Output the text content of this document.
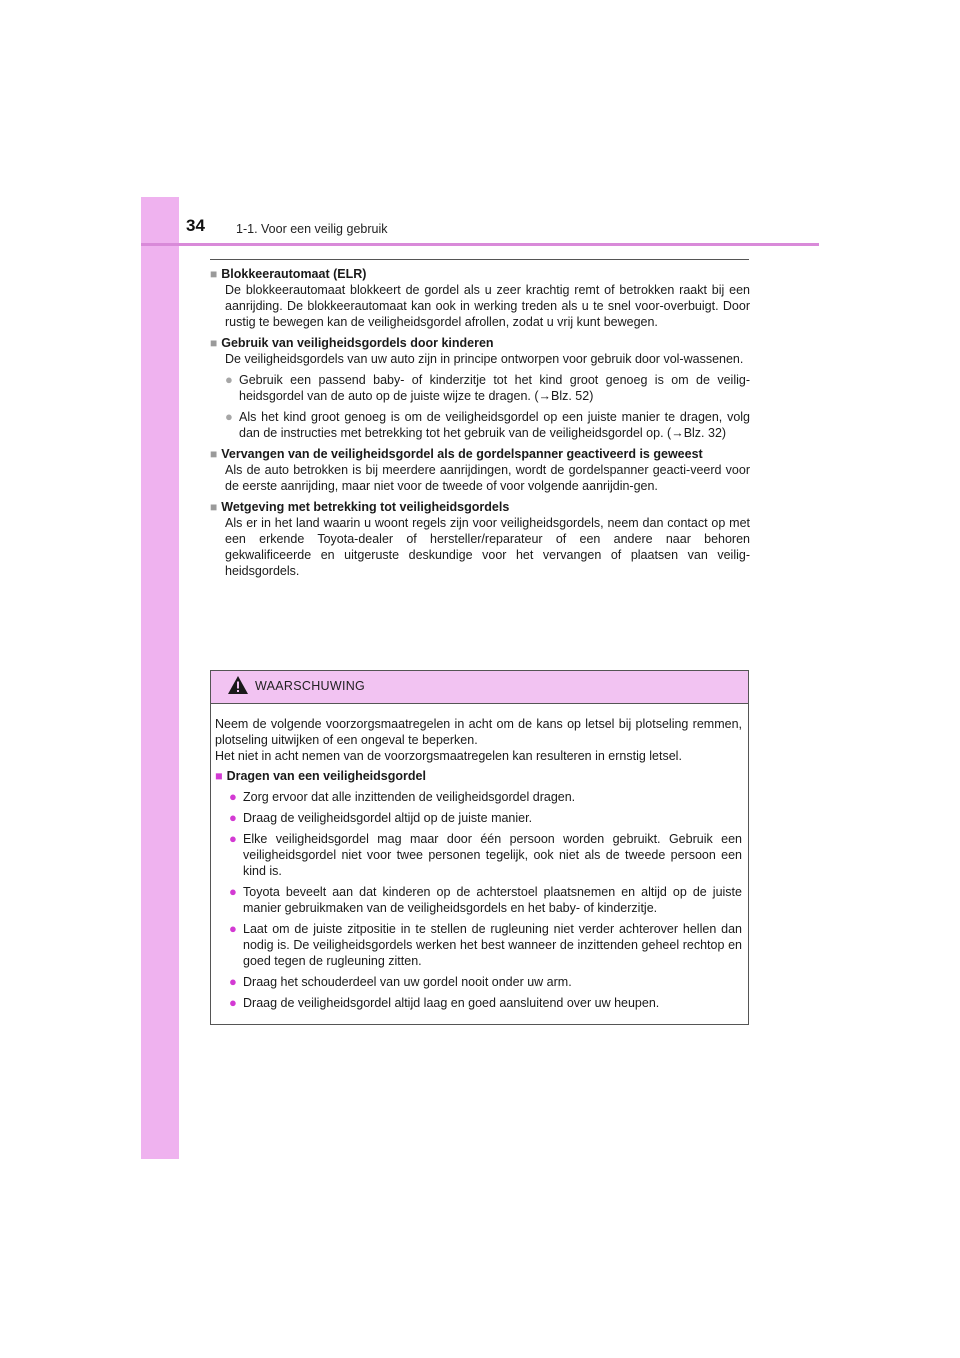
34 1-1. Voor een veilig gebruik
■ Blokkeerautomaat (ELR)
De blokkeerautomaat blokkeert de gordel als u zeer krachtig remt of betrokken raakt bij een aanrijding. De blokkeerautomaat kan ook in werking treden als u te snel voor-overbuigt. Door rustig te bewegen kan de veiligheidsgordel afrollen, zodat u vrij kunt bewegen.
■ Gebruik van veiligheidsgordels door kinderen
De veiligheidsgordels van uw auto zijn in principe ontworpen voor gebruik door vol-wassenen.
● Gebruik een passend baby- of kinderzitje tot het kind groot genoeg is om de veilig-heidsgordel van de auto op de juiste wijze te dragen. (→Blz. 52)
● Als het kind groot genoeg is om de veiligheidsgordel op een juiste manier te dragen, volg dan de instructies met betrekking tot het gebruik van de veiligheidsgordel op. (→Blz. 32)
■ Vervangen van de veiligheidsgordel als de gordelspanner geactiveerd is geweest
Als de auto betrokken is bij meerdere aanrijdingen, wordt de gordelspanner geacti-veerd voor de eerste aanrijding, maar niet voor de tweede of voor volgende aanrijdin-gen.
■ Wetgeving met betrekking tot veiligheidsgordels
Als er in het land waarin u woont regels zijn voor veiligheidsgordels, neem dan contact op met een erkende Toyota-dealer of hersteller/reparateur of een andere naar behoren gekwalificeerde en uitgeruste deskundige voor het vervangen of plaatsen van veilig-heidsgordels.
WAARSCHUWING
Neem de volgende voorzorgsmaatregelen in acht om de kans op letsel bij plotseling remmen, plotseling uitwijken of een ongeval te beperken.
Het niet in acht nemen van de voorzorgsmaatregelen kan resulteren in ernstig letsel.
■ Dragen van een veiligheidsgordel
● Zorg ervoor dat alle inzittenden de veiligheidsgordel dragen.
● Draag de veiligheidsgordel altijd op de juiste manier.
● Elke veiligheidsgordel mag maar door één persoon worden gebruikt. Gebruik een veiligheidsgordel niet voor twee personen tegelijk, ook niet als de tweede persoon een kind is.
● Toyota beveelt aan dat kinderen op de achterstoel plaatsnemen en altijd op de juiste manier gebruikmaken van de veiligheidsgordels en het baby- of kinderzitje.
● Laat om de juiste zitpositie in te stellen de rugleuning niet verder achterover hellen dan nodig is. De veiligheidsgordels werken het best wanneer de inzittenden geheel rechtop en goed tegen de rugleuning zitten.
● Draag het schouderdeel van uw gordel nooit onder uw arm.
● Draag de veiligheidsgordel altijd laag en goed aansluitend over uw heupen.
